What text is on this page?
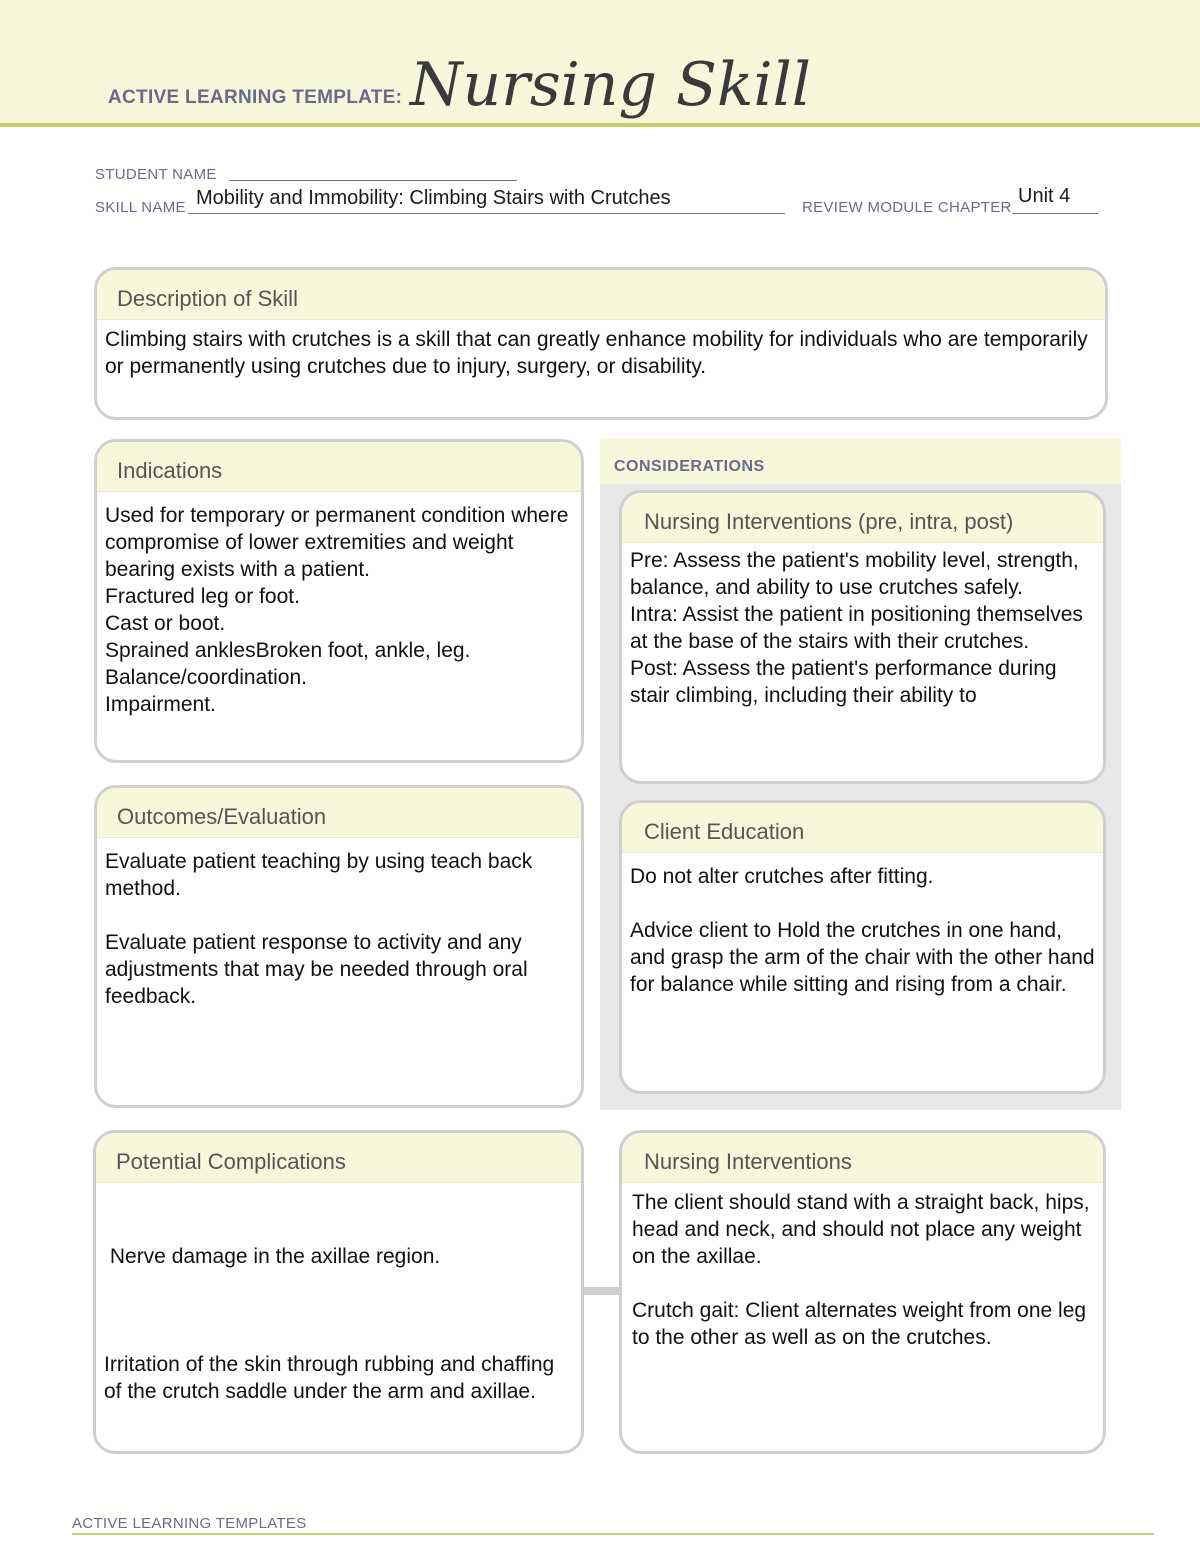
ACTIVE LEARNING TEMPLATE: Nursing Skill
STUDENT NAME
SKILL NAME Mobility and Immobility: Climbing Stairs with Crutches	REVIEW MODULE CHAPTER
Unit 4
Description of Skill

Climbing stairs with crutches is a skill that can greatly enhance mobility for individuals who are temporarily or permanently using crutches due to injury, surgery, or disability.

CONSIDERATIONS
Indications

Used for temporary or permanent condition where compromise of lower extremities and weight bearing exists with a patient.

Fractured leg or foot.

Cast or boot.

Sprained anklesBroken foot, ankle, leg.

Balance/coordination.

Impairment.

Nursing Interventions (pre, intra, post)

Pre: Assess the patient's mobility level, strength, balance, and ability to use crutches safely.

Intra: Assist the patient in positioning themselves at the base of the stairs with their crutches.

Post: Assess the patient's performance during stair climbing, including their ability to

Outcomes/Evaluation

Evaluate patient teaching by using teach back method.

Evaluate patient response to activity and any adjustments that may be needed through oral feedback.

Client Education

Do not alter crutches after fitting.

Advice client to Hold the crutches in one hand, and grasp the arm of the chair with the other hand for balance while sitting and rising from a chair.

Potential Complications

Nerve damage in the axillae region.

Irritation of the skin through rubbing and chaffing of the crutch saddle under the arm and axillae.

Nursing Interventions

The client should stand with a straight back, hips, head and neck, and should not place any weight on the axillae.

Crutch gait: Client alternates weight from one leg to the other as well as on the crutches.

ACTIVE LEARNING TEMPLATES
